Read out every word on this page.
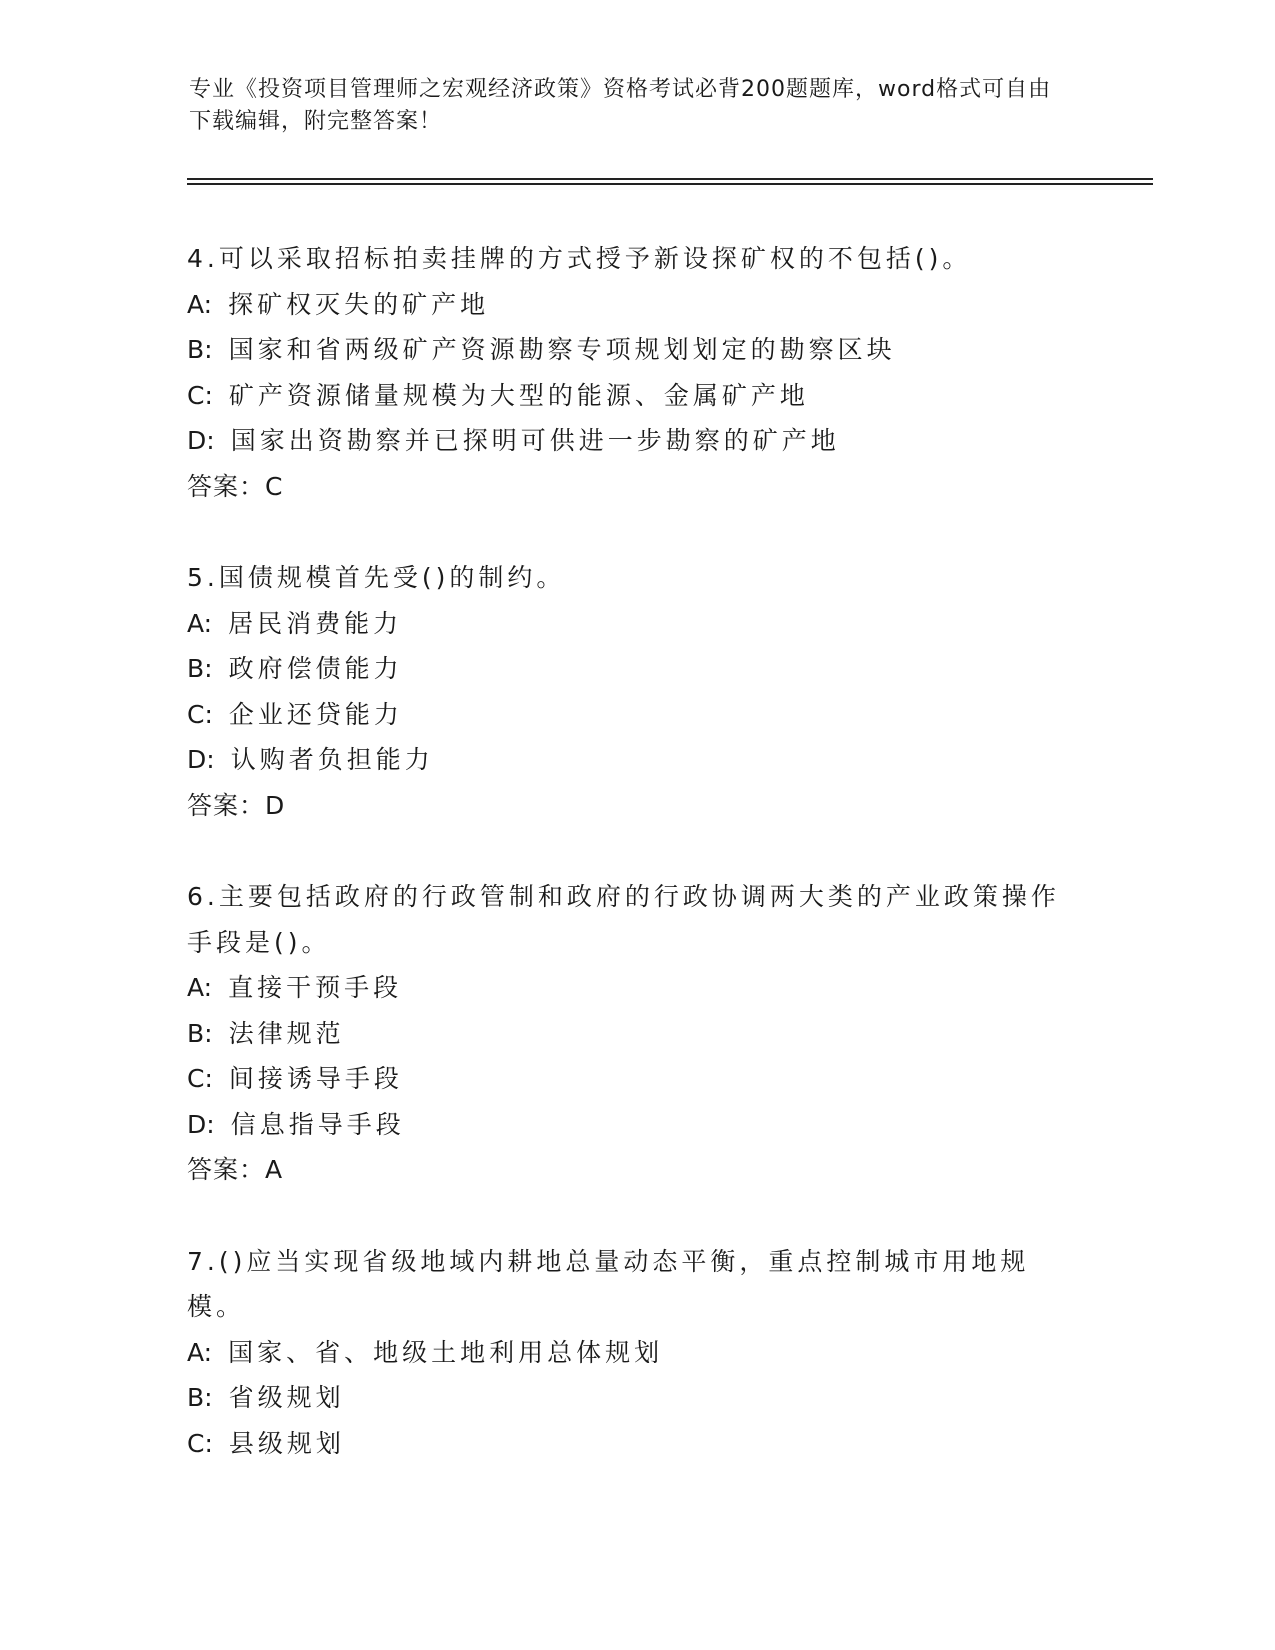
专业《投资项目管理师之宏观经济政策》资格考试必背200题题库，word格式可自由下载编辑，附完整答案！

4.可以采取招标拍卖挂牌的方式授予新设探矿权的不包括()。

A: 探矿权灭失的矿产地

B: 国家和省两级矿产资源勘察专项规划划定的勘察区块

C: 矿产资源储量规模为大型的能源、金属矿产地

D: 国家出资勘察并已探明可供进一步勘察的矿产地

答案：C

5.国债规模首先受()的制约。

A: 居民消费能力

B: 政府偿债能力

C: 企业还贷能力

D: 认购者负担能力

答案：D

6.主要包括政府的行政管制和政府的行政协调两大类的产业政策操作手段是()。

A: 直接干预手段

B: 法律规范

C: 间接诱导手段

D: 信息指导手段

答案：A

7.()应当实现省级地域内耕地总量动态平衡，重点控制城市用地规模。

A: 国家、省、地级土地利用总体规划

B: 省级规划

C: 县级规划
